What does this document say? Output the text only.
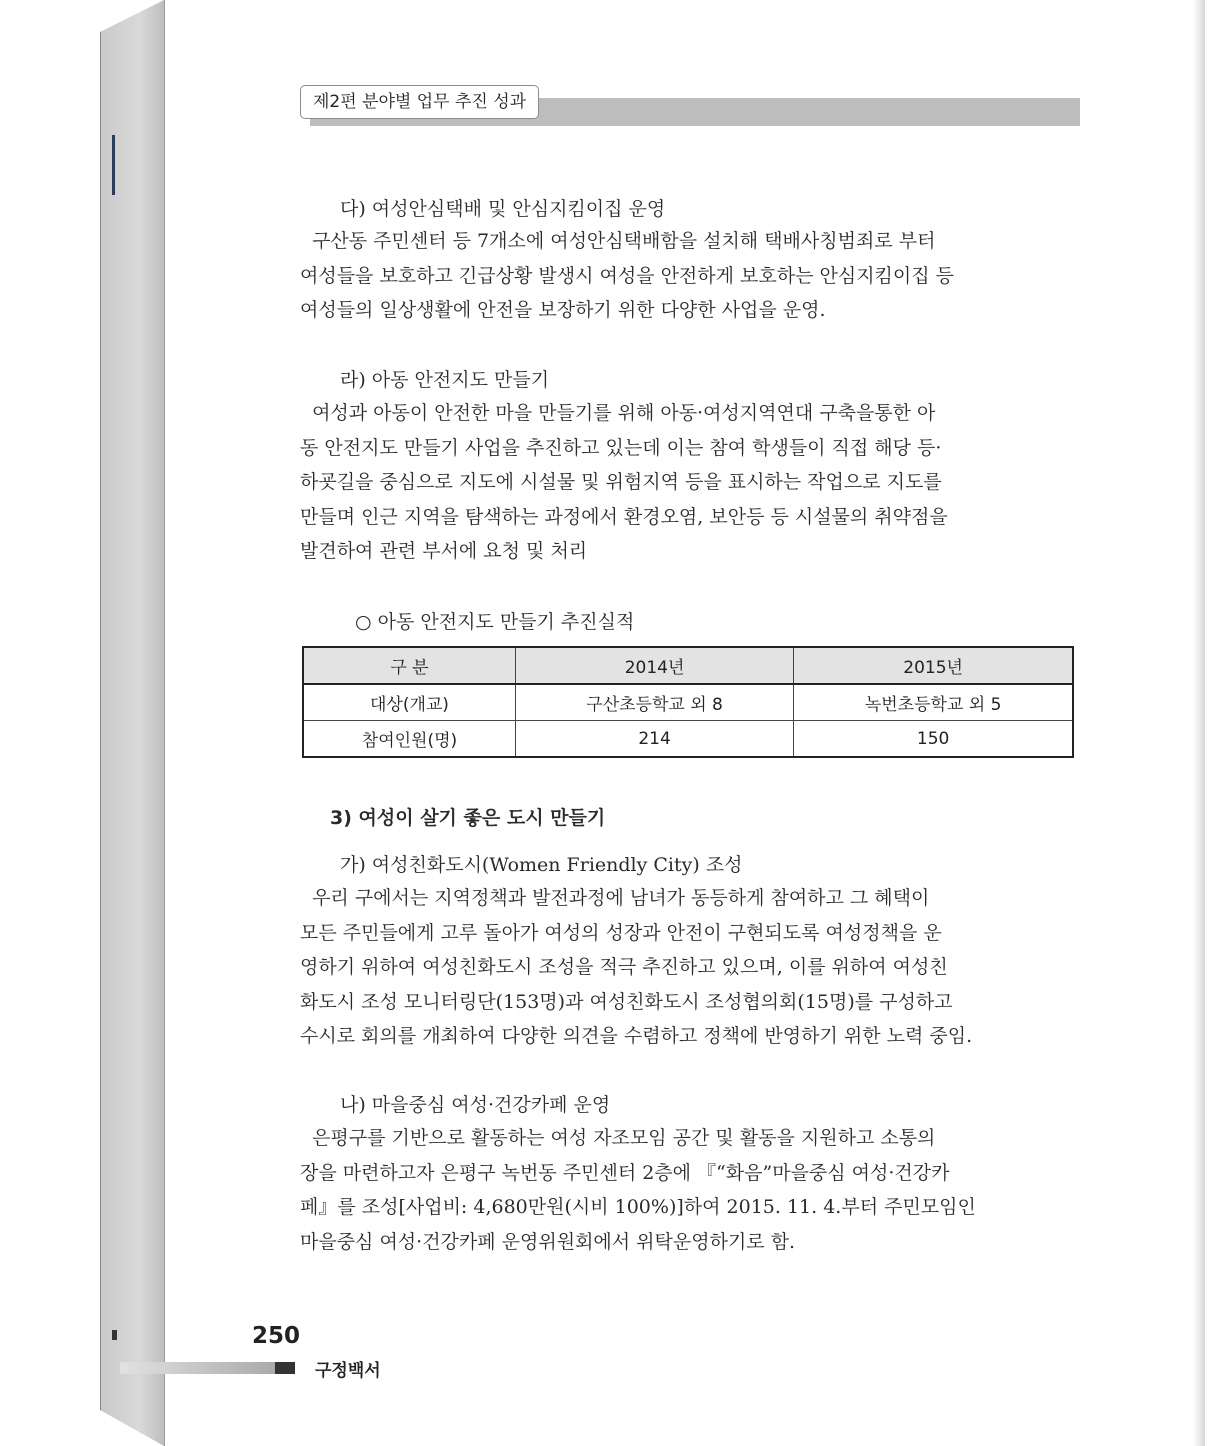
제2편 분야별 업무 추진 성과
다) 여성안심택배 및 안심지킴이집 운영

구산동 주민센터 등 7개소에 여성안심택배함을 설치해 택배사칭범죄로 부터

여성들을 보호하고 긴급상황 발생시 여성을 안전하게 보호하는 안심지킴이집 등

여성들의 일상생활에 안전을 보장하기 위한 다양한 사업을 운영.

라) 아동 안전지도 만들기

여성과 아동이 안전한 마을 만들기를 위해 아동·여성지역연대 구축을통한 아

동 안전지도 만들기 사업을 추진하고 있는데 이는 참여 학생들이 직접 해당 등·

하굣길을 중심으로 지도에 시설물 및 위험지역 등을 표시하는 작업으로 지도를

만들며 인근 지역을 탐색하는 과정에서 환경오염, 보안등 등 시설물의 취약점을

발견하여 관련 부서에 요청 및 처리

○ 아동 안전지도 만들기 추진실적
구 분	2014년	2015년
대상(개교)	구산초등학교 외 8	녹번초등학교 외 5
참여인원(명)	214	150
3) 여성이 살기 좋은 도시 만들기
가) 여성친화도시(Women Friendly City) 조성

우리 구에서는 지역정책과 발전과정에 남녀가 동등하게 참여하고 그 혜택이

모든 주민들에게 고루 돌아가 여성의 성장과 안전이 구현되도록 여성정책을 운

영하기 위하여 여성친화도시 조성을 적극 추진하고 있으며, 이를 위하여 여성친

화도시 조성 모니터링단(153명)과 여성친화도시 조성협의회(15명)를 구성하고

수시로 회의를 개최하여 다양한 의견을 수렴하고 정책에 반영하기 위한 노력 중임.

나) 마을중심 여성·건강카페 운영

은평구를 기반으로 활동하는 여성 자조모임 공간 및 활동을 지원하고 소통의

장을 마련하고자 은평구 녹번동 주민센터 2층에 『“화음”마을중심 여성·건강카

페』를 조성[사업비: 4,680만원(시비 100%)]하여 2015. 11. 4.부터 주민모임인

마을중심 여성·건강카페 운영위원회에서 위탁운영하기로 함.

250
구정백서
